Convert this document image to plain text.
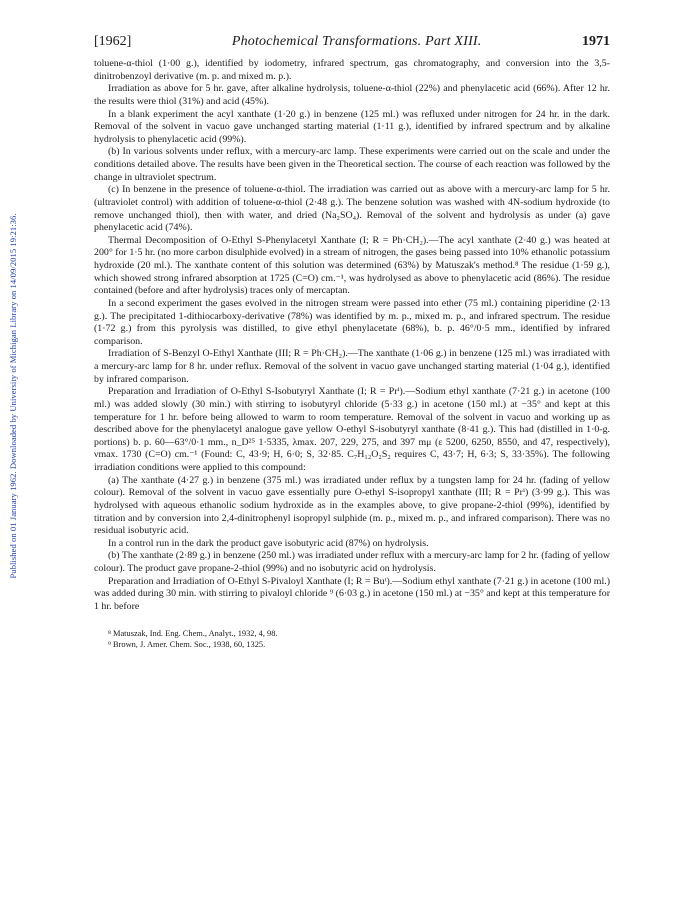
Published on 01 January 1962. Downloaded by University of Michigan Library on 14/09/2015 19:21:36.
[1962]	Photochemical Transformations. Part XIII.	1971

toluene-α-thiol (1·00 g.), identified by iodometry, infrared spectrum, gas chromatography, and conversion into the 3,5-dinitrobenzoyl derivative (m. p. and mixed m. p.).

Irradiation as above for 5 hr. gave, after alkaline hydrolysis, toluene-α-thiol (22%) and phenylacetic acid (66%). After 12 hr. the results were thiol (31%) and acid (45%).

In a blank experiment the acyl xanthate (1·20 g.) in benzene (125 ml.) was refluxed under nitrogen for 24 hr. in the dark. Removal of the solvent in vacuo gave unchanged starting material (1·11 g.), identified by infrared spectrum and by alkaline hydrolysis to phenylacetic acid (99%).

(b) In various solvents under reflux, with a mercury-arc lamp. These experiments were carried out on the scale and under the conditions detailed above. The results have been given in the Theoretical section. The course of each reaction was followed by the change in ultraviolet spectrum.

(c) In benzene in the presence of toluene-α-thiol. The irradiation was carried out as above with a mercury-arc lamp for 5 hr. (ultraviolet control) with addition of toluene-α-thiol (2·48 g.). The benzene solution was washed with 4N-sodium hydroxide (to remove unchanged thiol), then with water, and dried (Na₂SO₄). Removal of the solvent and hydrolysis as under (a) gave phenylacetic acid (74%).

Thermal Decomposition of O-Ethyl S-Phenylacetyl Xanthate (I; R = Ph·CH₂).—The acyl xanthate (2·40 g.) was heated at 200° for 1·5 hr. (no more carbon disulphide evolved) in a stream of nitrogen, the gases being passed into 10% ethanolic potassium hydroxide (20 ml.). The xanthate content of this solution was determined (63%) by Matuszak's method.⁸ The residue (1·59 g.), which showed strong infrared absorption at 1725 (C=O) cm.⁻¹, was hydrolysed as above to phenylacetic acid (86%). The residue contained (before and after hydrolysis) traces only of mercaptan.

In a second experiment the gases evolved in the nitrogen stream were passed into ether (75 ml.) containing piperidine (2·13 g.). The precipitated 1-dithiocarboxy-derivative (78%) was identified by m. p., mixed m. p., and infrared spectrum. The residue (1·72 g.) from this pyrolysis was distilled, to give ethyl phenylacetate (68%), b. p. 46°/0·5 mm., identified by infrared comparison.

Irradiation of S-Benzyl O-Ethyl Xanthate (III; R = Ph·CH₂).—The xanthate (1·06 g.) in benzene (125 ml.) was irradiated with a mercury-arc lamp for 8 hr. under reflux. Removal of the solvent in vacuo gave unchanged starting material (1·04 g.), identified by infrared comparison.

Preparation and Irradiation of O-Ethyl S-Isobutyryl Xanthate (I; R = Prⁱ).—Sodium ethyl xanthate (7·21 g.) in acetone (100 ml.) was added slowly (30 min.) with stirring to isobutyryl chloride (5·33 g.) in acetone (150 ml.) at −35° and kept at this temperature for 1 hr. before being allowed to warm to room temperature. Removal of the solvent in vacuo and working up as described above for the phenylacetyl analogue gave yellow O-ethyl S-isobutyryl xanthate (8·41 g.). This had (distilled in 1·0-g. portions) b. p. 60—63°/0·1 mm., n_D²⁵ 1·5335, λmax. 207, 229, 275, and 397 mμ (ε 5200, 6250, 8550, and 47, respectively), νmax. 1730 (C=O) cm.⁻¹ (Found: C, 43·9; H, 6·0; S, 32·85. C₇H₁₂O₂S₂ requires C, 43·7; H, 6·3; S, 33·35%). The following irradiation conditions were applied to this compound:

(a) The xanthate (4·27 g.) in benzene (375 ml.) was irradiated under reflux by a tungsten lamp for 24 hr. (fading of yellow colour). Removal of the solvent in vacuo gave essentially pure O-ethyl S-isopropyl xanthate (III; R = Prⁱ) (3·99 g.). This was hydrolysed with aqueous ethanolic sodium hydroxide as in the examples above, to give propane-2-thiol (99%), identified by titration and by conversion into 2,4-dinitrophenyl isopropyl sulphide (m. p., mixed m. p., and infrared comparison). There was no residual isobutyric acid.

In a control run in the dark the product gave isobutyric acid (87%) on hydrolysis.

(b) The xanthate (2·89 g.) in benzene (250 ml.) was irradiated under reflux with a mercury-arc lamp for 2 hr. (fading of yellow colour). The product gave propane-2-thiol (99%) and no isobutyric acid on hydrolysis.

Preparation and Irradiation of O-Ethyl S-Pivaloyl Xanthate (I; R = Buᵗ).—Sodium ethyl xanthate (7·21 g.) in acetone (100 ml.) was added during 30 min. with stirring to pivaloyl chloride ⁹ (6·03 g.) in acetone (150 ml.) at −35° and kept at this temperature for 1 hr. before

⁸ Matuszak, Ind. Eng. Chem., Analyt., 1932, 4, 98.
⁹ Brown, J. Amer. Chem. Soc., 1938, 60, 1325.
